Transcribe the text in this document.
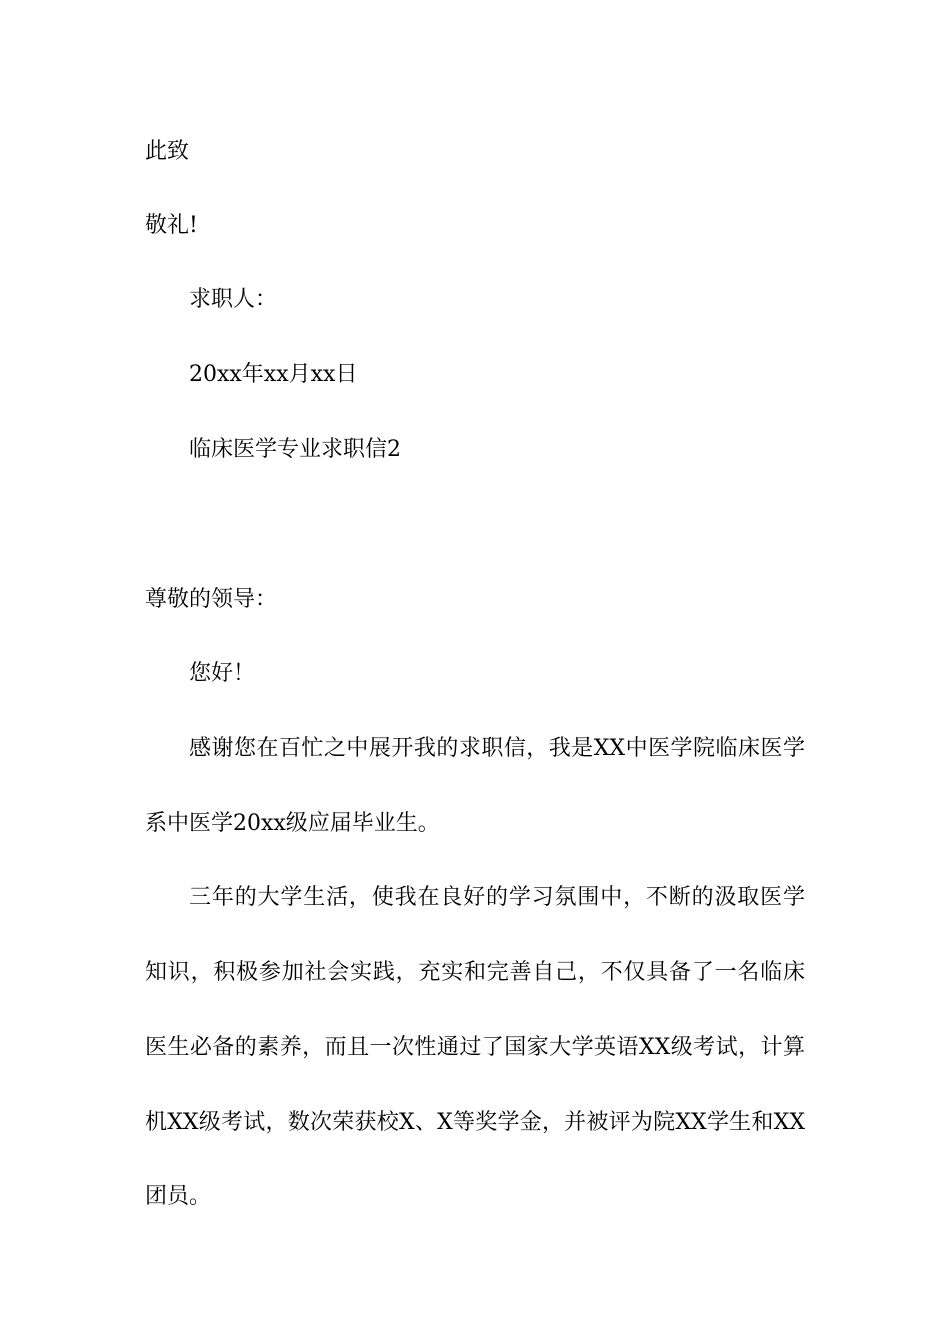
此致
敬礼!
求职人：
20xx年xx月xx日
临床医学专业求职信2
尊敬的领导：
您好！
感谢您在百忙之中展开我的求职信，我是XX中医学院临床医学
系中医学20xx级应届毕业生。
三年的大学生活，使我在良好的学习氛围中，不断的汲取医学
知识，积极参加社会实践，充实和完善自己，不仅具备了一名临床
医生必备的素养，而且一次性通过了国家大学英语XX级考试，计算
机XX级考试，数次荣获校X、X等奖学金，并被评为院XX学生和XX
团员。
